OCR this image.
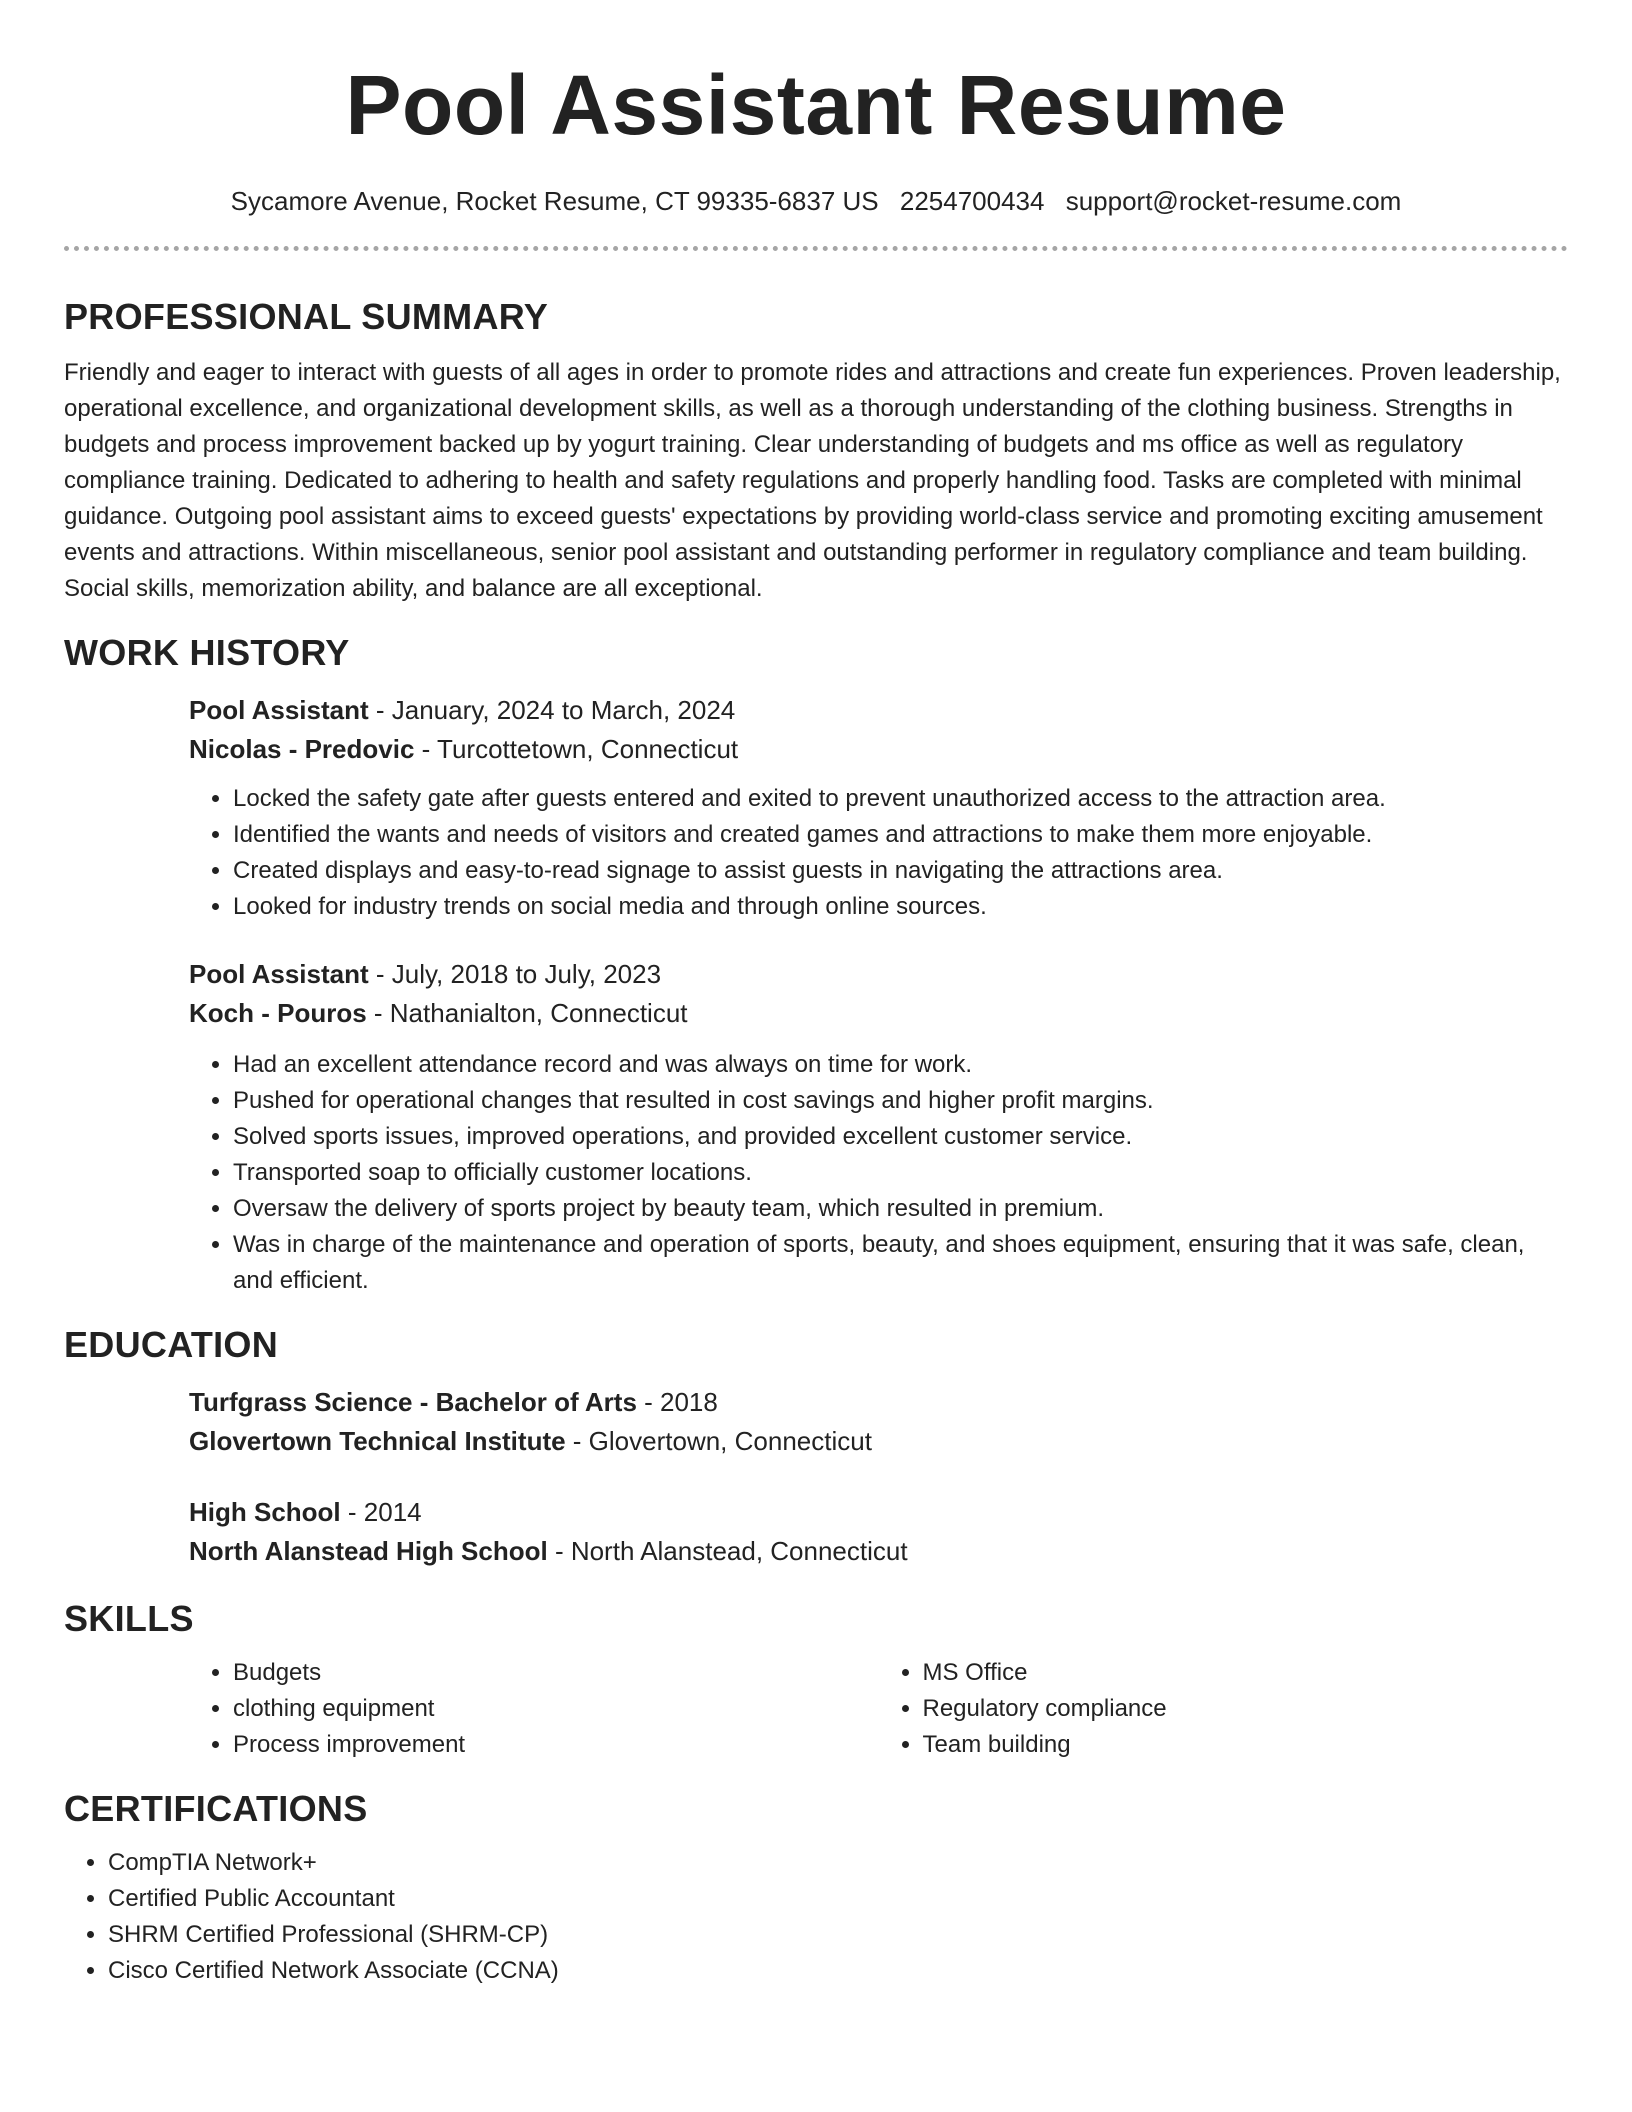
Pool Assistant Resume
Sycamore Avenue, Rocket Resume, CT 99335-6837 US 2254700434 support@rocket-resume.com
PROFESSIONAL SUMMARY

Friendly and eager to interact with guests of all ages in order to promote rides and attractions and create fun experiences. Proven leadership, operational excellence, and organizational development skills, as well as a thorough understanding of the clothing business. Strengths in budgets and process improvement backed up by yogurt training. Clear understanding of budgets and ms office as well as regulatory compliance training. Dedicated to adhering to health and safety regulations and properly handling food. Tasks are completed with minimal guidance. Outgoing pool assistant aims to exceed guests' expectations by providing world-class service and promoting exciting amusement events and attractions. Within miscellaneous, senior pool assistant and outstanding performer in regulatory compliance and team building. Social skills, memorization ability, and balance are all exceptional.

WORK HISTORY

Pool Assistant - January, 2024 to March, 2024

Nicolas - Predovic - Turcottetown, Connecticut

• Locked the safety gate after guests entered and exited to prevent unauthorized access to the attraction area.
• Identified the wants and needs of visitors and created games and attractions to make them more enjoyable.
• Created displays and easy-to-read signage to assist guests in navigating the attractions area.
• Looked for industry trends on social media and through online sources.

Pool Assistant - July, 2018 to July, 2023

Koch - Pouros - Nathanialton, Connecticut

• Had an excellent attendance record and was always on time for work.
• Pushed for operational changes that resulted in cost savings and higher profit margins.
• Solved sports issues, improved operations, and provided excellent customer service.
• Transported soap to officially customer locations.
• Oversaw the delivery of sports project by beauty team, which resulted in premium.
• Was in charge of the maintenance and operation of sports, beauty, and shoes equipment, ensuring that it was safe, clean, and efficient.
EDUCATION

Turfgrass Science - Bachelor of Arts - 2018

Glovertown Technical Institute - Glovertown, Connecticut

High School - 2014

North Alanstead High School - North Alanstead, Connecticut

SKILLS
• Budgets
• clothing equipment
• Process improvement
• MS Office
• Regulatory compliance
• Team building
CERTIFICATIONS
• CompTIA Network+
• Certified Public Accountant
• SHRM Certified Professional (SHRM-CP)
• Cisco Certified Network Associate (CCNA)
